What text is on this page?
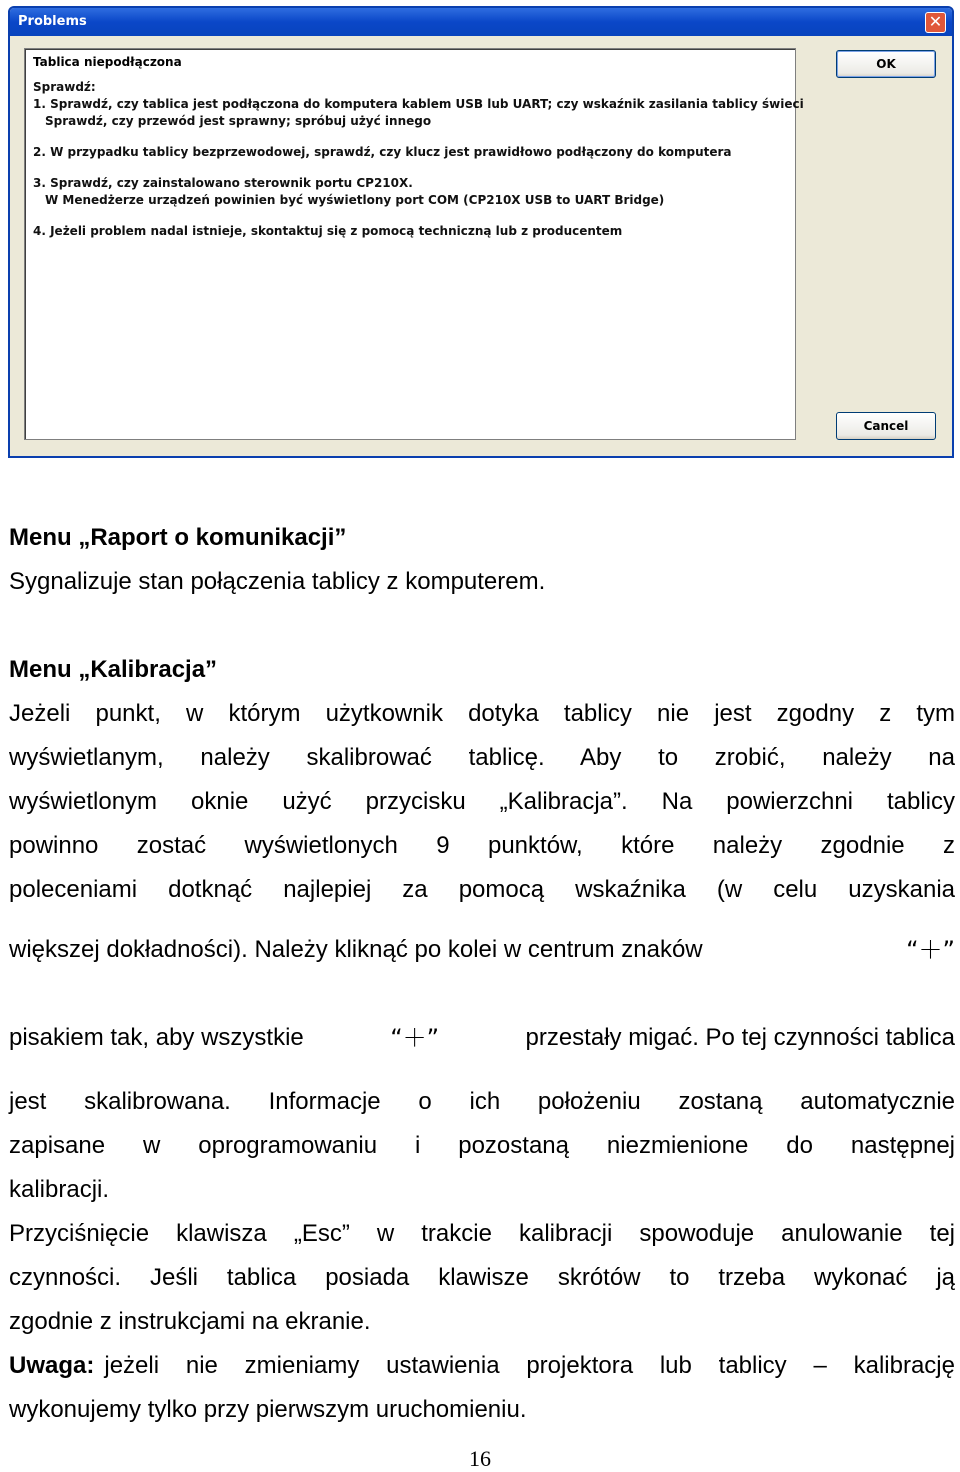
Problems	✕
Tablica niepodłączona
Sprawdź:
1. Sprawdź, czy tablica jest podłączona do komputera kablem USB lub UART; czy wskaźnik zasilania tablicy świeci
Sprawdź, czy przewód jest sprawny; spróbuj użyć innego
2. W przypadku tablicy bezprzewodowej, sprawdź, czy klucz jest prawidłowo podłączony do komputera
3. Sprawdź, czy zainstalowano sterownik portu CP210X.
W Menedżerze urządzeń powinien być wyświetlony port COM (CP210X USB to UART Bridge)
4. Jeżeli problem nadal istnieje, skontaktuj się z pomocą techniczną lub z producentem
OK
Cancel
Menu „Raport o komunikacji”
Sygnalizuje stan połączenia tablicy z komputerem.
Menu „Kalibracja”
Jeżeli punkt, w którym użytkownik dotyka tablicy nie jest zgodny z tym
wyświetlanym, należy skalibrować tablicę. Aby to zrobić, należy na
wyświetlonym oknie użyć przycisku „Kalibracja”. Na powierzchni tablicy
powinno zostać wyświetlonych 9 punktów, które należy zgodnie z
poleceniami dotknąć najlepiej za pomocą wskaźnika (w celu uzyskania
większej dokładności). Należy kliknąć po kolei w centrum znaków	“＋”
pisakiem tak, aby wszystkie	“＋”	przestały migać. Po tej czynności tablica
jest skalibrowana. Informacje o ich położeniu zostaną automatycznie
zapisane w oprogramowaniu i pozostaną niezmienione do następnej
kalibracji.
Przyciśnięcie klawisza „Esc” w trakcie kalibracji spowoduje anulowanie tej
czynności. Jeśli tablica posiada klawisze skrótów to trzeba wykonać ją
zgodnie z instrukcjami na ekranie.
Uwaga: jeżeli nie zmieniamy ustawienia projektora lub tablicy – kalibrację
wykonujemy tylko przy pierwszym uruchomieniu.
16
